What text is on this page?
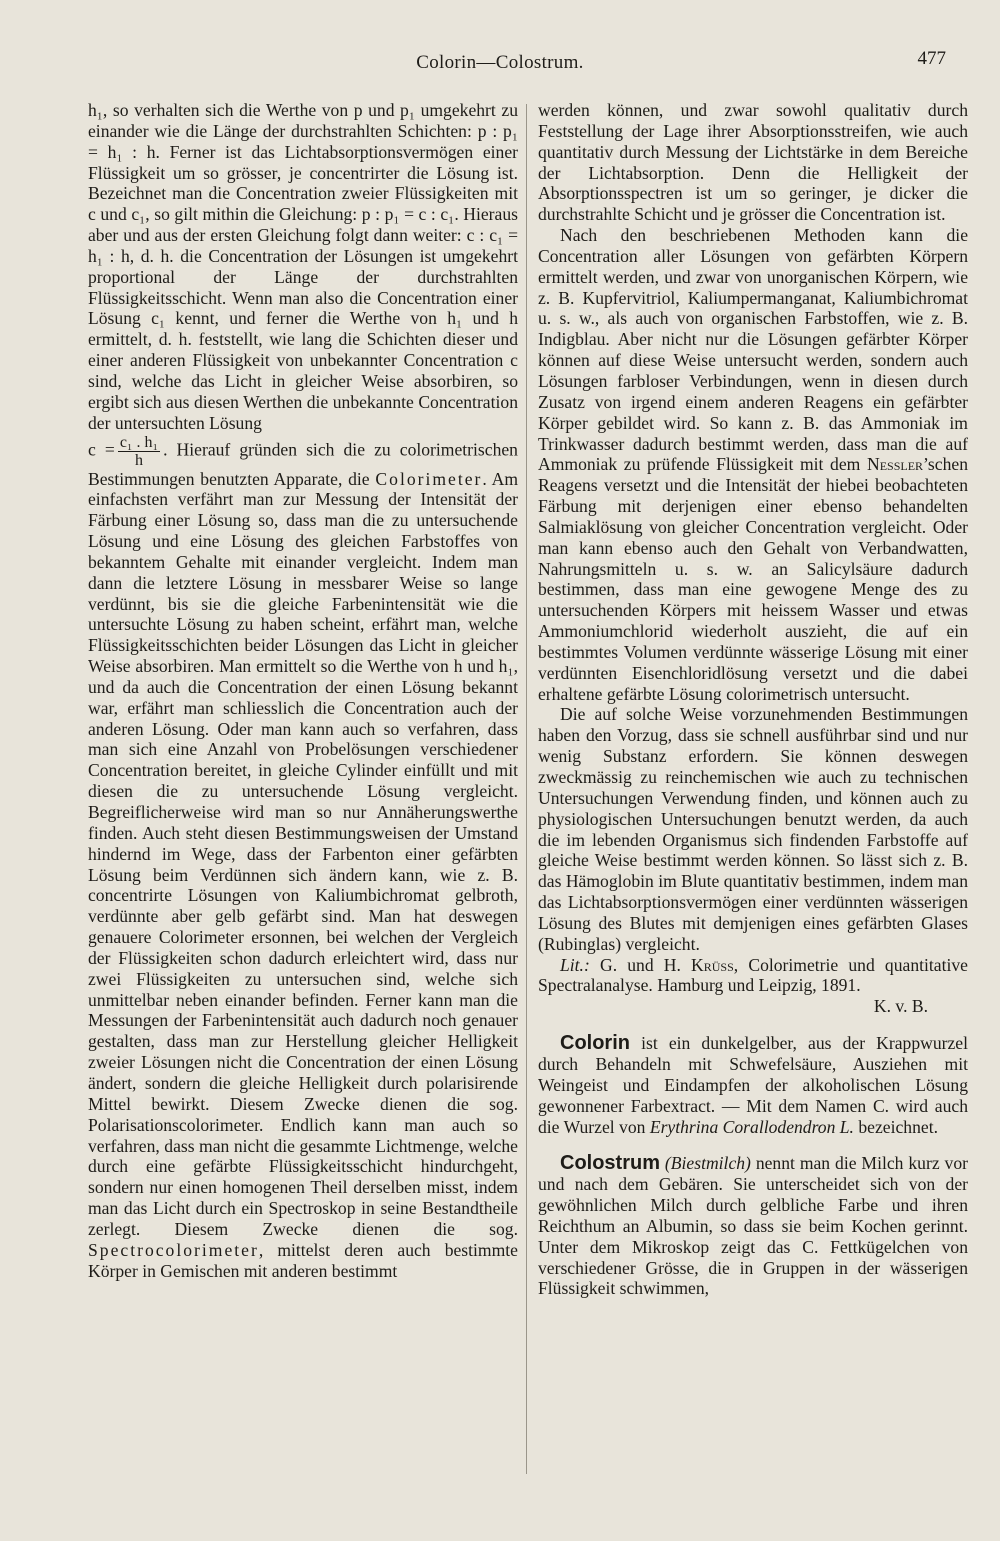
Colorin—Colostrum.	477

h₁, so verhalten sich die Werthe von p und p₁ umgekehrt zu einander wie die Länge der durchstrahlten Schichten: p : p₁ = h₁ : h. Ferner ist das Lichtabsorptionsvermögen einer Flüssigkeit um so grösser, je concentrirter die Lösung ist. Bezeichnet man die Concentration zweier Flüssigkeiten mit c und c₁, so gilt mithin die Gleichung: p : p₁ = c : c₁. Hieraus aber und aus der ersten Gleichung folgt dann weiter: c : c₁ = h₁ : h, d. h. die Concentration der Lösungen ist umgekehrt proportional der Länge der durchstrahlten Flüssigkeitsschicht. Wenn man also die Concentration einer Lösung c₁ kennt, und ferner die Werthe von h₁ und h ermittelt, d. h. feststellt, wie lang die Schichten dieser und einer anderen Flüssigkeit von unbekannter Concentration c sind, welche das Licht in gleicher Weise absorbiren, so ergibt sich aus diesen Werthen die unbekannte Concentration der untersuchten Lösung

$c = \frac{\text{c₁ . h₁}}{h}$ . Hierauf gründen sich die zu colorimetrischen Bestimmungen benutzten Apparate, die Colorimeter. Am einfachsten verfährt man zur Messung der Intensität der Färbung einer Lösung so, dass man die zu untersuchende Lösung und eine Lösung des gleichen Farbstoffes von bekanntem Gehalte mit einander vergleicht. Indem man dann die letztere Lösung in messbarer Weise so lange verdünnt, bis sie die gleiche Farbenintensität wie die untersuchte Lösung zu haben scheint, erfährt man, welche Flüssigkeitsschichten beider Lösungen das Licht in gleicher Weise absorbiren. Man ermittelt so die Werthe von h und h₁, und da auch die Concentration der einen Lösung bekannt war, erfährt man schliesslich die Concentration auch der anderen Lösung. Oder man kann auch so verfahren, dass man sich eine Anzahl von Probelösungen verschiedener Concentration bereitet, in gleiche Cylinder einfüllt und mit diesen die zu untersuchende Lösung vergleicht. Begreiflicherweise wird man so nur Annäherungswerthe finden. Auch steht diesen Bestimmungsweisen der Umstand hindernd im Wege, dass der Farbenton einer gefärbten Lösung beim Verdünnen sich ändern kann, wie z. B. concentrirte Lösungen von Kaliumbichromat gelbroth, verdünnte aber gelb gefärbt sind. Man hat deswegen genauere Colorimeter ersonnen, bei welchen der Vergleich der Flüssigkeiten schon dadurch erleichtert wird, dass nur zwei Flüssigkeiten zu untersuchen sind, welche sich unmittelbar neben einander befinden. Ferner kann man die Messungen der Farbenintensität auch dadurch noch genauer gestalten, dass man zur Herstellung gleicher Helligkeit zweier Lösungen nicht die Concentration der einen Lösung ändert, sondern die gleiche Helligkeit durch polarisirende Mittel bewirkt. Diesem Zwecke dienen die sog. Polarisationscolorimeter. Endlich kann man auch so verfahren, dass man nicht die gesammte Lichtmenge, welche durch eine gefärbte Flüssigkeitsschicht hindurchgeht, sondern nur einen homogenen Theil derselben misst, indem man das Licht durch ein Spectroskop in seine Bestandtheile zerlegt. Diesem Zwecke dienen die sog. Spectrocolorimeter, mittelst deren auch bestimmte Körper in Gemischen mit anderen bestimmt

werden können, und zwar sowohl qualitativ durch Feststellung der Lage ihrer Absorptionsstreifen, wie auch quantitativ durch Messung der Lichtstärke in dem Bereiche der Lichtabsorption. Denn die Helligkeit der Absorptionsspectren ist um so geringer, je dicker die durchstrahlte Schicht und je grösser die Concentration ist.

Nach den beschriebenen Methoden kann die Concentration aller Lösungen von gefärbten Körpern ermittelt werden, und zwar von unorganischen Körpern, wie z. B. Kupfervitriol, Kaliumpermanganat, Kaliumbichromat u. s. w., als auch von organischen Farbstoffen, wie z. B. Indigblau. Aber nicht nur die Lösungen gefärbter Körper können auf diese Weise untersucht werden, sondern auch Lösungen farbloser Verbindungen, wenn in diesen durch Zusatz von irgend einem anderen Reagens ein gefärbter Körper gebildet wird. So kann z. B. das Ammoniak im Trinkwasser dadurch bestimmt werden, dass man die auf Ammoniak zu prüfende Flüssigkeit mit dem Nessler’schen Reagens versetzt und die Intensität der hiebei beobachteten Färbung mit derjenigen einer ebenso behandelten Salmiaklösung von gleicher Concentration vergleicht. Oder man kann ebenso auch den Gehalt von Verbandwatten, Nahrungsmitteln u. s. w. an Salicylsäure dadurch bestimmen, dass man eine gewogene Menge des zu untersuchenden Körpers mit heissem Wasser und etwas Ammoniumchlorid wiederholt auszieht, die auf ein bestimmtes Volumen verdünnte wässerige Lösung mit einer verdünnten Eisenchloridlösung versetzt und die dabei erhaltene gefärbte Lösung colorimetrisch untersucht.

Die auf solche Weise vorzunehmenden Bestimmungen haben den Vorzug, dass sie schnell ausführbar sind und nur wenig Substanz erfordern. Sie können deswegen zweckmässig zu reinchemischen wie auch zu technischen Untersuchungen Verwendung finden, und können auch zu physiologischen Untersuchungen benutzt werden, da auch die im lebenden Organismus sich findenden Farbstoffe auf gleiche Weise bestimmt werden können. So lässt sich z. B. das Hämoglobin im Blute quantitativ bestimmen, indem man das Lichtabsorptionsvermögen einer verdünnten wässerigen Lösung des Blutes mit demjenigen eines gefärbten Glases (Rubinglas) vergleicht.

Lit.: G. und H. Krüss, Colorimetrie und quantitative Spectralanalyse. Hamburg und Leipzig, 1891.

K. v. B.

Colorin ist ein dunkelgelber, aus der Krappwurzel durch Behandeln mit Schwefelsäure, Ausziehen mit Weingeist und Eindampfen der alkoholischen Lösung gewonnener Farbextract. — Mit dem Namen C. wird auch die Wurzel von Erythrina Corallodendron L. bezeichnet.

Colostrum (Biestmilch) nennt man die Milch kurz vor und nach dem Gebären. Sie unterscheidet sich von der gewöhnlichen Milch durch gelbliche Farbe und ihren Reichthum an Albumin, so dass sie beim Kochen gerinnt. Unter dem Mikroskop zeigt das C. Fettkügelchen von verschiedener Grösse, die in Gruppen in der wässerigen Flüssigkeit schwimmen,
